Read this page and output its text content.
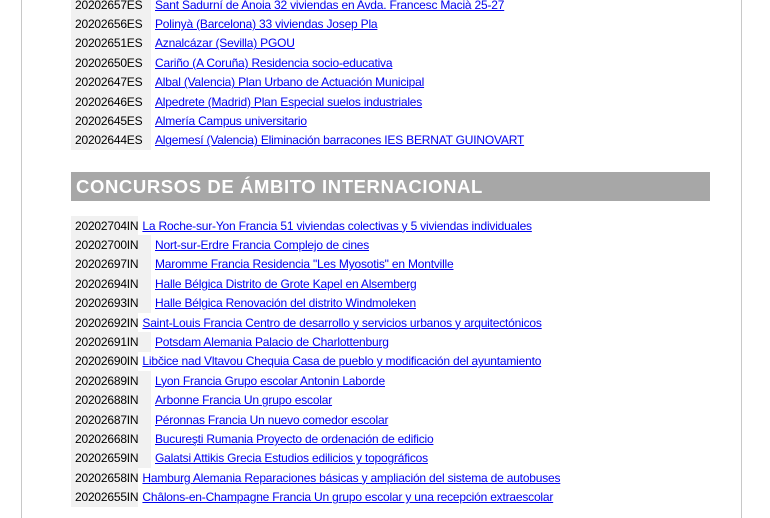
20202657ES	Sant Sadurní de Anoia 32 viviendas en Avda. Francesc Macià 25-27
20202656ES	Polinyà (Barcelona) 33 viviendas Josep Pla
20202651ES	Aznalcázar (Sevilla) PGOU
20202650ES	Cariño (A Coruña) Residencia socio-educativa
20202647ES	Albal (Valencia) Plan Urbano de Actuación Municipal
20202646ES	Alpedrete (Madrid) Plan Especial suelos industriales
20202645ES	Almería Campus universitario
20202644ES	Algemesí (Valencia) Eliminación barracones IES BERNAT GUINOVART
CONCURSOS DE ÁMBITO INTERNACIONAL
20202704IN La Roche-sur-Yon Francia 51 viviendas colectivas y 5 viviendas individuales
20202700IN	Nort-sur-Erdre Francia Complejo de cines
20202697IN	Maromme Francia Residencia "Les Myosotis" en Montville
20202694IN	Halle Bélgica Distrito de Grote Kapel en Alsemberg
20202693IN	Halle Bélgica Renovación del distrito Windmoleken
20202692IN Saint-Louis Francia Centro de desarrollo y servicios urbanos y arquitectónicos
20202691IN	Potsdam Alemania Palacio de Charlottenburg
20202690IN Libčice nad Vltavou Chequia Casa de pueblo y modificación del ayuntamiento
20202689IN	Lyon Francia Grupo escolar Antonin Laborde
20202688IN	Arbonne Francia Un grupo escolar
20202687IN	Péronnas Francia Un nuevo comedor escolar
20202668IN	Bucureşti Rumania Proyecto de ordenación de edificio
20202659IN	Galatsi Attikis Grecia Estudios edilicios y topográficos
20202658IN Hamburg Alemania Reparaciones básicas y ampliación del sistema de autobuses
20202655IN Châlons-en-Champagne Francia Un grupo escolar y una recepción extraescolar
